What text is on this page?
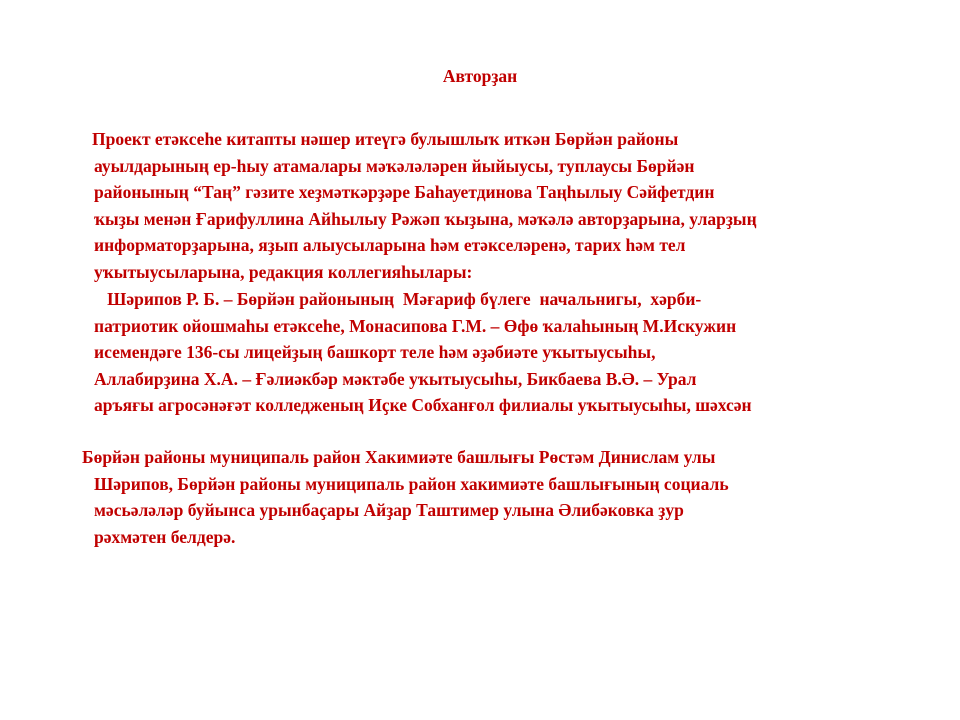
Авторҙан

Проект етәксеһе китапты нәшер итеүгә булышлыҡ иткән Бөрйән районы
ауылдарының ер-һыу атамалары мәҡәләләрен йыйыусы, туплаусы Бөрйән
районының “Таң” гәзите хеҙмәткәрҙәре Баһауетдинова Таңһылыу Сәйфетдин
ҡыҙы менән Ғарифуллина Айһылыу Рәжәп ҡыҙына, мәҡәлә авторҙарына, уларҙың
информаторҙарына, яҙып алыусыларына һәм етәкселәренә, тарих һәм тел
уҡытыусыларына, редакция коллегияһылары:

Шәрипов Р. Б. – Бөрйән районының  Мәғариф бүлеге  начальнигы,  хәрби-
патриотик ойошмаһы етәксеһе, Монасипова Г.М. – Өфө ҡалаһының М.Искужин
исемендәге 136-сы лицейҙың башкорт теле һәм әҙәбиәте уҡытыусыһы,
Аллабирҙина Х.А. – Ғәлиәкбәр мәктәбе уҡытыусыһы, Бикбаева В.Ә. – Урал
аръяғы агросәнәғәт колледженың Иҫке Собханғол филиалы уҡытыусыһы, шәхсән

Бөрйән районы муниципаль район Хакимиәте башлығы Рөстәм Динислам улы
Шәрипов, Бөрйән районы муниципаль район хакимиәте башлығының социаль
мәсьәләләр буйынса урынбаҫары Айҙар Таштимер улына Әлибәковка ҙур
рәхмәтен белдерә.
